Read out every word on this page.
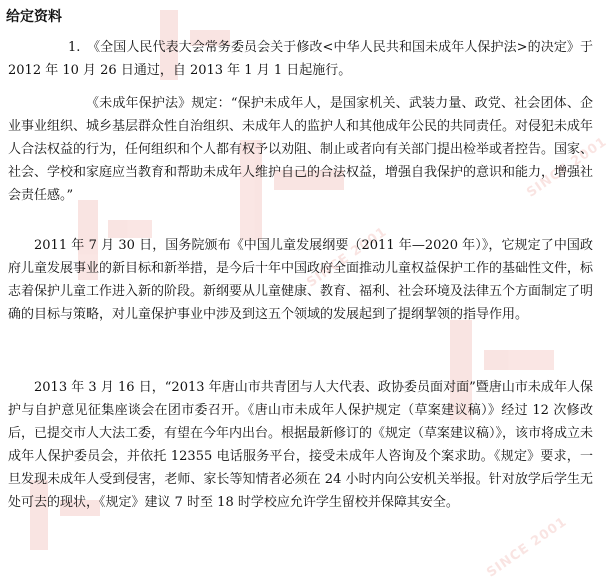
SINCE 2001
SINCE 2001
SINCE 2001
给定资料

1.　《全国人民代表大会常务委员会关于修改<中华人民共和国未成年人保护法>的决定》于 2012 年 10 月 26 日通过，自 2013 年 1 月 1 日起施行。

《未成年保护法》规定：“保护未成年人，是国家机关、武装力量、政党、社会团体、企业事业组织、城乡基层群众性自治组织、未成年人的监护人和其他成年公民的共同责任。对侵犯未成年人合法权益的行为，任何组织和个人都有权予以劝阻、制止或者向有关部门提出检举或者控告。国家、社会、学校和家庭应当教育和帮助未成年人维护自己的合法权益，增强自我保护的意识和能力，增强社会责任感。”

2011 年 7 月 30 日，国务院颁布《中国儿童发展纲要（2011 年—2020 年）》，它规定了中国政府儿童发展事业的新目标和新举措，是今后十年中国政府全面推动儿童权益保护工作的基础性文件，标志着保护儿童工作进入新的阶段。新纲要从儿童健康、教育、福利、社会环境及法律五个方面制定了明确的目标与策略，对儿童保护事业中涉及到这五个领域的发展起到了提纲挈领的指导作用。

2013 年 3 月 16 日，“2013 年唐山市共青团与人大代表、政协委员面对面”暨唐山市未成年人保护与自护意见征集座谈会在团市委召开。《唐山市未成年人保护规定（草案建议稿）》经过 12 次修改后，已提交市人大法工委，有望在今年内出台。根据最新修订的《规定（草案建议稿）》，该市将成立未成年人保护委员会，并依托 12355 电话服务平台，接受未成年人咨询及个案求助。《规定》要求，一旦发现未成年人受到侵害，老师、家长等知情者必须在 24 小时内向公安机关举报。针对放学后学生无处可去的现状，《规定》建议 7 时至 18 时学校应允许学生留校并保障其安全。
